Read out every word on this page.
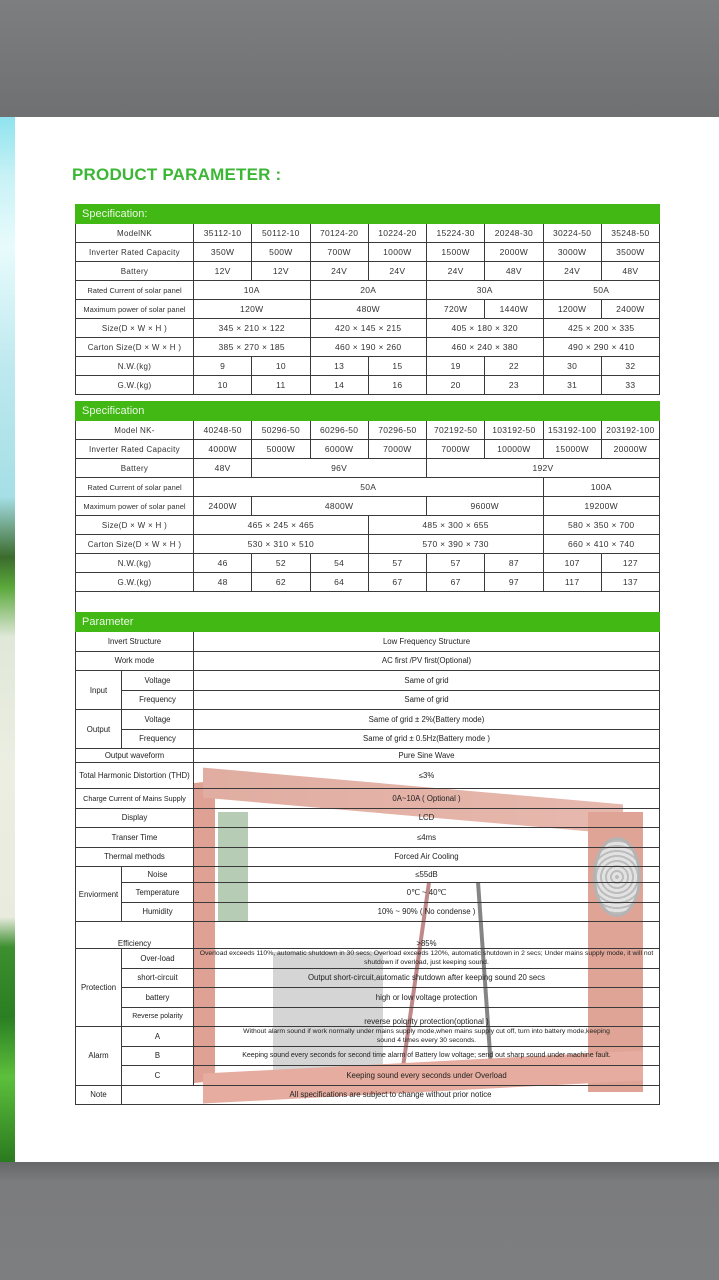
PRODUCT PARAMETER :
Specification:								
ModelNK	35112-10	50112-10	70124-20	10224-20	15224-30	20248-30	30224-50	35248-50
Inverter Rated Capacity	350W	500W	700W	1000W	1500W	2000W	3000W	3500W
Battery	12V	12V	24V	24V	24V	48V	24V	48V
Rated Current of solar panel	10A		20A		30A		50A	
Maximum power of solar panel	120W		480W		720W	1440W	1200W	2400W
Size(D × W × H )	345 × 210 × 122		420 × 145 × 215		405 × 180 × 320		425 × 200 × 335	
Carton Size(D × W × H )	385 × 270 × 185		460 × 190 × 260		460 × 240 × 380		490 × 290 × 410	
N.W.(kg)	9	10	13	15	19	22	30	32
G.W.(kg)	10	11	14	16	20	23	31	33
Specification								
Model NK-	40248-50	50296-50	60296-50	70296-50	702192-50	103192-50	153192-100	203192-100
Inverter Rated Capacity	4000W	5000W	6000W	7000W	7000W	10000W	15000W	20000W
Battery	48V	96V			192V			
Rated Current of solar panel	50A						100A	
Maximum power of solar panel	2400W	4800W			9600W		19200W	
Size(D × W × H )	465 × 245 × 465			485 × 300 × 655			580 × 350 × 700	
Carton Size(D × W × H )	530 × 310 × 510			570 × 390 × 730			660 × 410 × 740	
N.W.(kg)	46	52	54	57	57	87	107	127
G.W.(kg)	48	62	64	67	67	97	117	137

Parameter		
Invert Structure		Low Frequency Structure
Work mode		AC first /PV first(Optional)
Input	Voltage	Same of grid
	Frequency	Same of grid
Output	Voltage	Same of grid ± 2%(Battery mode)
	Frequency	Same of grid ± 0.5Hz(Battery mode )
Output waveform		Pure Sine Wave
Total Harmonic Distortion (THD)		≤3%
Charge Current of Mains Supply		0A~10A ( Optional )
Display		LCD
Transer Time		≤4ms
Thermal methods		Forced Air Cooling
Enviorment	Noise	≤55dB
	Temperature	0℃ ~ 40℃
	Humidity	10% ~ 90% ( No condense )
Efficiency		>85%
Protection	Over-load	Overload exceeds 110%, automatic shutdown in 30 secs; Overload exceeds 120%, automatic shutdown in 2 secs; Under mains supply mode, it will not shutdown if overload, just keeping sound.
	short-circuit	Output short-circuit,automatic shutdown after keeping sound 20 secs
	battery	high or low voltage protection
	Reverse polarity	reverse polqrity protection(optional )
Alarm	A	Without alarm sound if work normally under mains supply mode,when mains supply cut off, turn into battery mode,keeping sound 4 times every 30 seconds.
	B	Keeping sound every seconds for second time alarm of Battery low voltage; send out sharp sound under machine fault.
	C	Keeping sound every seconds under Overload
Note	All specifications are subject to change without prior notice	
